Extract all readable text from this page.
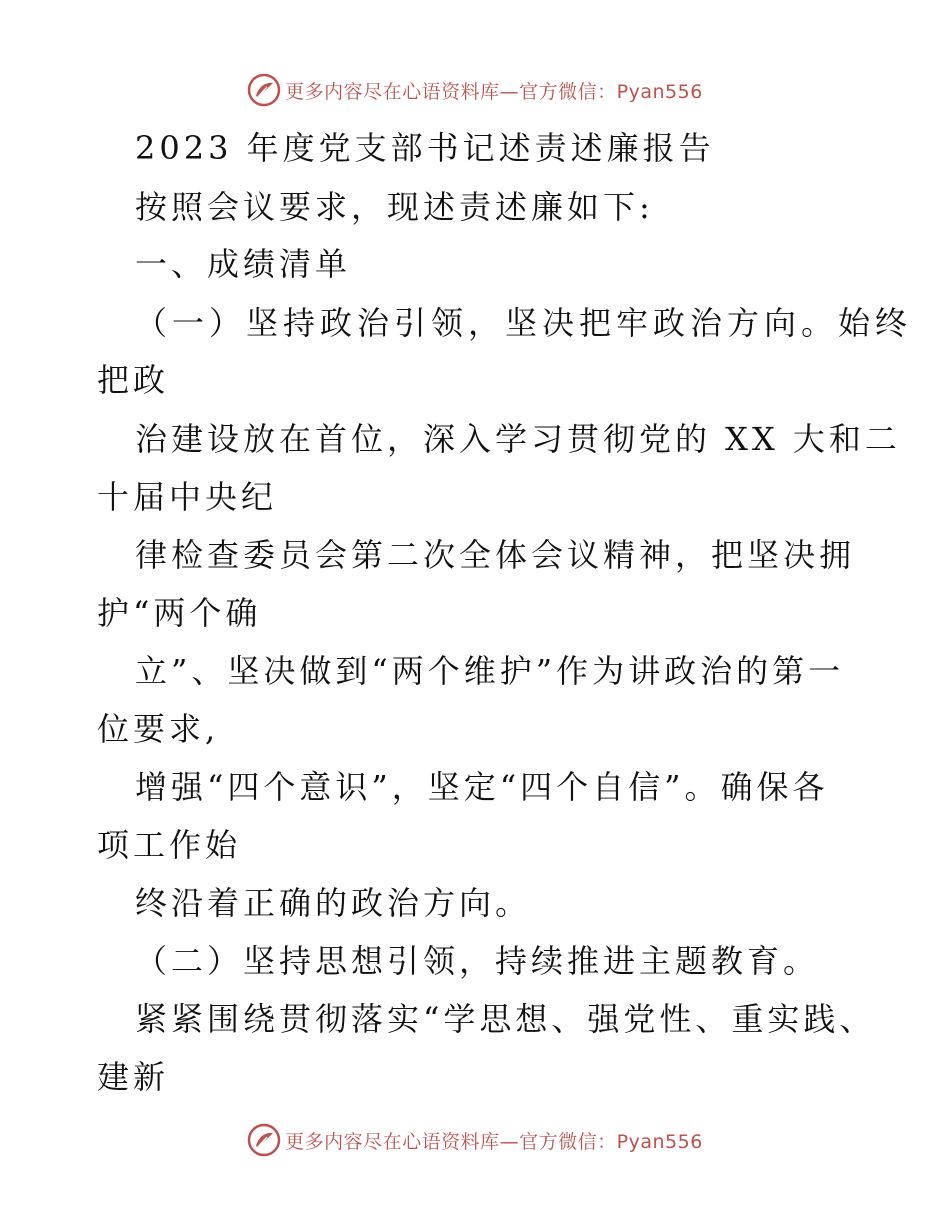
更多内容尽在心语资料库—官方微信：Pyan556
2023 年度党支部书记述责述廉报告
按照会议要求，现述责述廉如下:
一、成绩清单
（一）坚持政治引领，坚决把牢政治方向。始终
把政
治建设放在首位，深入学习贯彻党的 XX 大和二
十届中央纪
律检查委员会第二次全体会议精神，把坚决拥
护“两个确
立”、坚决做到“两个维护”作为讲政治的第一
位要求,
增强“四个意识”，坚定“四个自信”。确保各
项工作始
终沿着正确的政治方向。
（二）坚持思想引领，持续推进主题教育。
紧紧围绕贯彻落实“学思想、强党性、重实践、
建新
更多内容尽在心语资料库—官方微信：Pyan556
